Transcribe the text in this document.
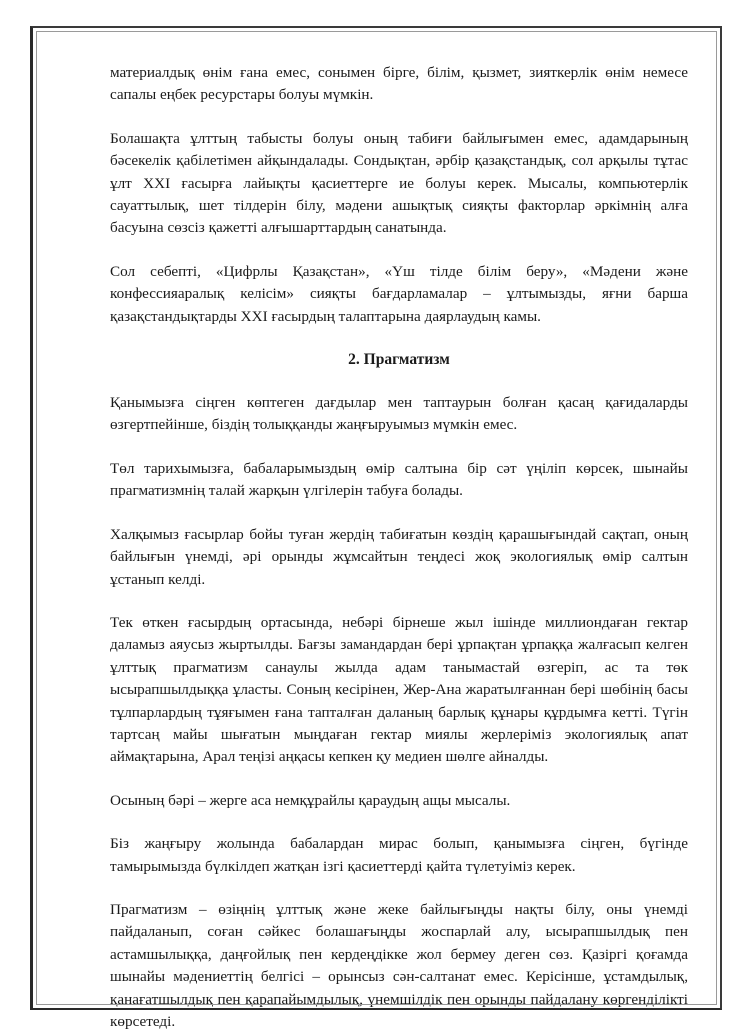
материалдық өнім ғана емес, сонымен бірге, білім, қызмет, зияткерлік өнім немесе сапалы еңбек ресурстары болуы мүмкін.

Болашақта ұлттың табысты болуы оның табиғи байлығымен емес, адамдарының бәсекелік қабілетімен айқындалады. Сондықтан, әрбір қазақстандық, сол арқылы тұтас ұлт XXI ғасырға лайықты қасиеттерге ие болуы керек. Мысалы, компьютерлік сауаттылық, шет тілдерін білу, мәдени ашықтық сияқты факторлар әркімнің алға басуына сөзсіз қажетті алғышарттардың санатында.

Сол себепті, «Цифрлы Қазақстан», «Үш тілде білім беру», «Мәдени және конфессияаралық келісім» сияқты бағдарламалар – ұлтымызды, яғни барша қазақстандықтарды XXI ғасырдың талаптарына даярлаудың камы.

2. Прагматизм

Қанымызға сіңген көптеген дағдылар мен таптаурын болған қасаң қағидаларды өзгертпейінше, біздің толыққанды жаңғыруымыз мүмкін емес.

Төл тарихымызға, бабаларымыздың өмір салтына бір сәт үңіліп көрсек, шынайы прагматизмнің талай жарқын үлгілерін табуға болады.

Халқымыз ғасырлар бойы туған жердің табиғатын көздің қарашығындай сақтап, оның байлығын үнемді, әрі орынды жұмсайтын теңдесі жоқ экологиялық өмір салтын ұстанып келді.

Тек өткен ғасырдың ортасында, небәрі бірнеше жыл ішінде миллиондаған гектар даламыз аяусыз жыртылды. Бағзы замандардан бері ұрпақтан ұрпаққа жалғасып келген ұлттық прагматизм санаулы жылда адам танымастай өзгеріп, ас та төк ысырапшылдыққа ұласты. Соның кесірінен, Жер-Ана жаратылғаннан бері шөбінің басы тұлпарлардың тұяғымен ғана тапталған даланың барлық құнары құрдымға кетті. Түгін тартсаң майы шығатын мыңдаған гектар миялы жерлеріміз экологиялық апат аймақтарына, Арал теңізі аңқасы кепкен қу медиен шөлге айналды.

Осының бәрі – жерге аса немқұрайлы қараудың ащы мысалы.

Біз жаңғыру жолында бабалардан мирас болып, қанымызға сіңген, бүгінде тамырымызда бүлкілдеп жатқан ізгі қасиеттерді қайта түлетуіміз керек.

Прагматизм – өзіңнің ұлттық және жеке байлығыңды нақты білу, оны үнемді пайдаланып, соған сәйкес болашағыңды жоспарлай алу, ысырапшылдық пен астамшылыққа, даңғойлық пен кердеңдікке жол бермеу деген сөз. Қазіргі қоғамда шынайы мәдениеттің белгісі – орынсыз сән-салтанат емес. Керісінше, ұстамдылық, қанағатшылдық пен қарапайымдылық, үнемшілдік пен орынды пайдалану көргенділікті көрсетеді.
